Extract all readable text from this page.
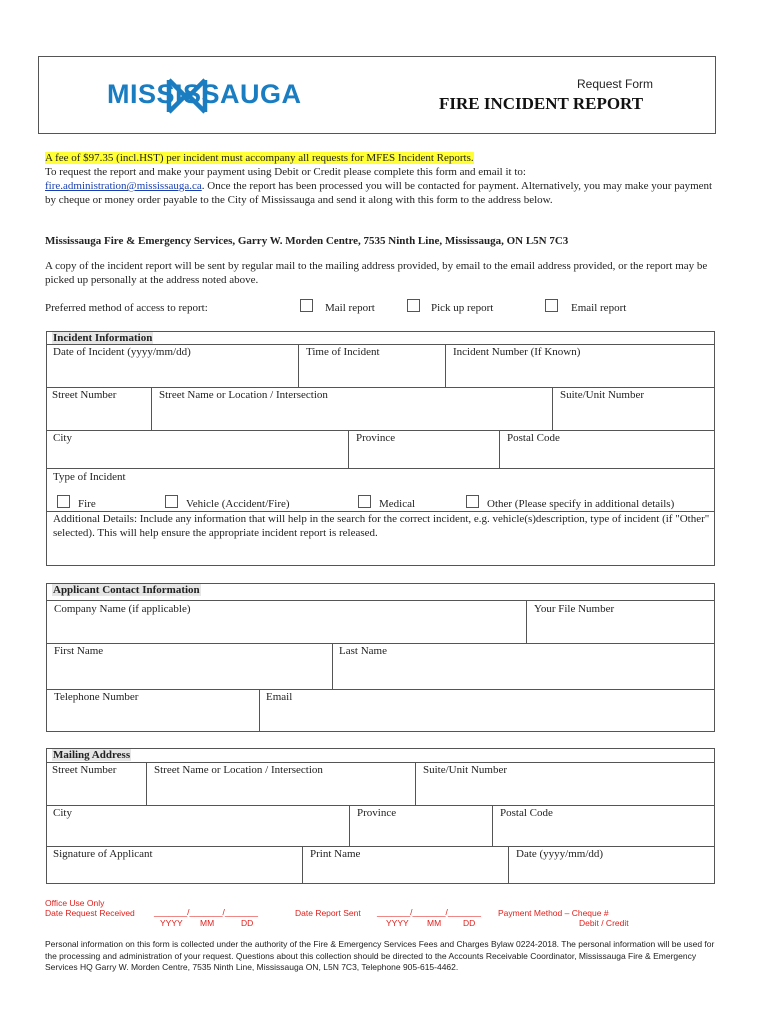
MISSISSAUGA	Request Form
FIRE INCIDENT REPORT
A fee of $97.35 (incl.HST) per incident must accompany all requests for MFES Incident Reports.
To request the report and make your payment using Debit or Credit please complete this form and email it to:
fire.administration@mississauga.ca. Once the report has been processed you will be contacted for payment. Alternatively, you may make your payment by cheque or money order payable to the City of Mississauga and send it along with this form to the address below.
Mississauga Fire & Emergency Services, Garry W. Morden Centre, 7535 Ninth Line, Mississauga, ON L5N 7C3
A copy of the incident report will be sent by regular mail to the mailing address provided, by email to the email address provided, or the report may be picked up personally at the address noted above.
Preferred method of access to report:	Mail report	Pick up report	Email report
Incident Information
Date of Incident (yyyy/mm/dd)	Time of Incident	Incident Number (If Known)
Street Number	Street Name or Location / Intersection	Suite/Unit Number
City	Province	Postal Code
Type of Incident
Fire	Vehicle (Accident/Fire)	Medical	Other (Please specify in additional details)
Additional Details: Include any information that will help in the search for the correct incident, e.g. vehicle(s)description, type of incident (if "Other" selected). This will help ensure the appropriate incident report is released.
Applicant Contact Information
Company Name (if applicable)	Your File Number
First Name	Last Name
Telephone Number	Email
Mailing Address
Street Number	Street Name or Location / Intersection	Suite/Unit Number
City	Province	Postal Code
Signature of Applicant	Print Name	Date (yyyy/mm/dd)
Office Use Only
Date Request Received _______/_______/_______
YYYY MM	DD
Date Report Sent _______/_______/_______
YYYY MM	DD
Payment Method – Cheque #
Debit / Credit
Personal information on this form is collected under the authority of the Fire & Emergency Services Fees and Charges Bylaw 0224-2018. The personal information will be used for the processing and administration of your request. Questions about this collection should be directed to the Accounts Receivable Coordinator, Mississauga Fire & Emergency Services HQ Garry W. Morden Centre, 7535 Ninth Line, Mississauga ON, L5N 7C3, Telephone 905-615-4462.
